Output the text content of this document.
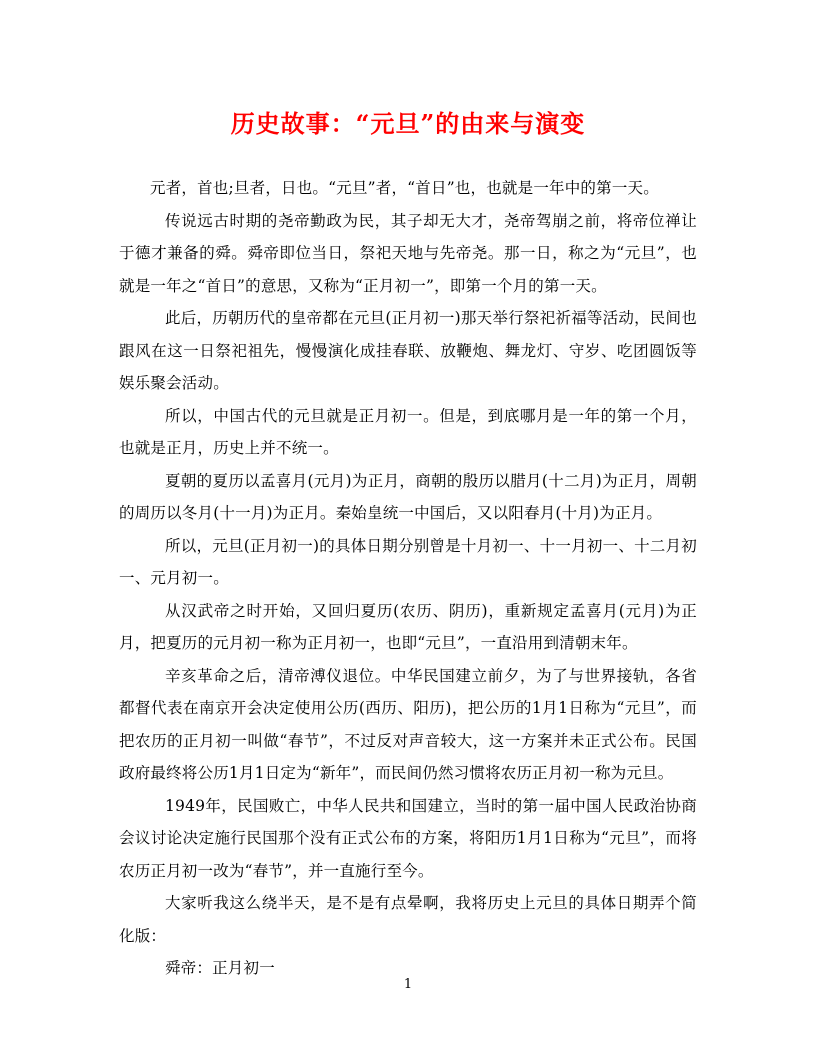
历史故事：“元旦”的由来与演变

元者，首也;旦者，日也。“元旦”者，“首日”也，也就是一年中的第一天。

传说远古时期的尧帝勤政为民，其子却无大才，尧帝驾崩之前，将帝位禅让于德才兼备的舜。舜帝即位当日，祭祀天地与先帝尧。那一日，称之为“元旦”，也就是一年之“首日”的意思，又称为“正月初一”，即第一个月的第一天。

此后，历朝历代的皇帝都在元旦(正月初一)那天举行祭祀祈福等活动，民间也跟风在这一日祭祀祖先，慢慢演化成挂春联、放鞭炮、舞龙灯、守岁、吃团圆饭等娱乐聚会活动。

所以，中国古代的元旦就是正月初一。但是，到底哪月是一年的第一个月，也就是正月，历史上并不统一。

夏朝的夏历以孟喜月(元月)为正月，商朝的殷历以腊月(十二月)为正月，周朝的周历以冬月(十一月)为正月。秦始皇统一中国后，又以阳春月(十月)为正月。

所以，元旦(正月初一)的具体日期分别曾是十月初一、十一月初一、十二月初一、元月初一。

从汉武帝之时开始，又回归夏历(农历、阴历)，重新规定孟喜月(元月)为正月，把夏历的元月初一称为正月初一，也即“元旦”，一直沿用到清朝末年。

辛亥革命之后，清帝溥仪退位。中华民国建立前夕，为了与世界接轨，各省都督代表在南京开会决定使用公历(西历、阳历)，把公历的1月1日称为“元旦”，而把农历的正月初一叫做“春节”，不过反对声音较大，这一方案并未正式公布。民国政府最终将公历1月1日定为“新年”，而民间仍然习惯将农历正月初一称为元旦。

1949年，民国败亡，中华人民共和国建立，当时的第一届中国人民政治协商会议讨论决定施行民国那个没有正式公布的方案，将阳历1月1日称为“元旦”，而将农历正月初一改为“春节”，并一直施行至今。

大家听我这么绕半天，是不是有点晕啊，我将历史上元旦的具体日期弄个简化版：

舜帝：正月初一

1
